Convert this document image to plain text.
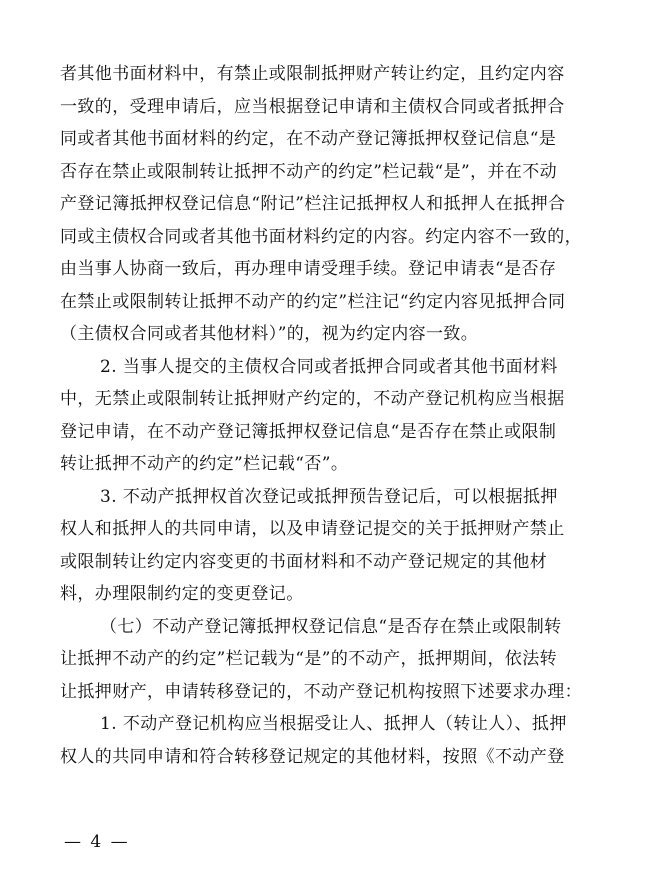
者其他书面材料中，有禁止或限制抵押财产转让约定，且约定内容
一致的，受理申请后，应当根据登记申请和主债权合同或者抵押合
同或者其他书面材料的约定，在不动产登记簿抵押权登记信息“是
否存在禁止或限制转让抵押不动产的约定”栏记载“是”，并在不动
产登记簿抵押权登记信息“附记”栏注记抵押权人和抵押人在抵押合
同或主债权合同或者其他书面材料约定的内容。约定内容不一致的，
由当事人协商一致后，再办理申请受理手续。登记申请表“是否存
在禁止或限制转让抵押不动产的约定”栏注记“约定内容见抵押合同
（主债权合同或者其他材料）”的，视为约定内容一致。
2. 当事人提交的主债权合同或者抵押合同或者其他书面材料
中，无禁止或限制转让抵押财产约定的，不动产登记机构应当根据
登记申请，在不动产登记簿抵押权登记信息“是否存在禁止或限制
转让抵押不动产的约定”栏记载“否”。
3. 不动产抵押权首次登记或抵押预告登记后，可以根据抵押
权人和抵押人的共同申请，以及申请登记提交的关于抵押财产禁止
或限制转让约定内容变更的书面材料和不动产登记规定的其他材
料，办理限制约定的变更登记。
（七）不动产登记簿抵押权登记信息“是否存在禁止或限制转
让抵押不动产的约定”栏记载为“是”的不动产，抵押期间，依法转
让抵押财产，申请转移登记的，不动产登记机构按照下述要求办理：
1. 不动产登记机构应当根据受让人、抵押人（转让人）、抵押
权人的共同申请和符合转移登记规定的其他材料，按照《不动产登
— 4 —
